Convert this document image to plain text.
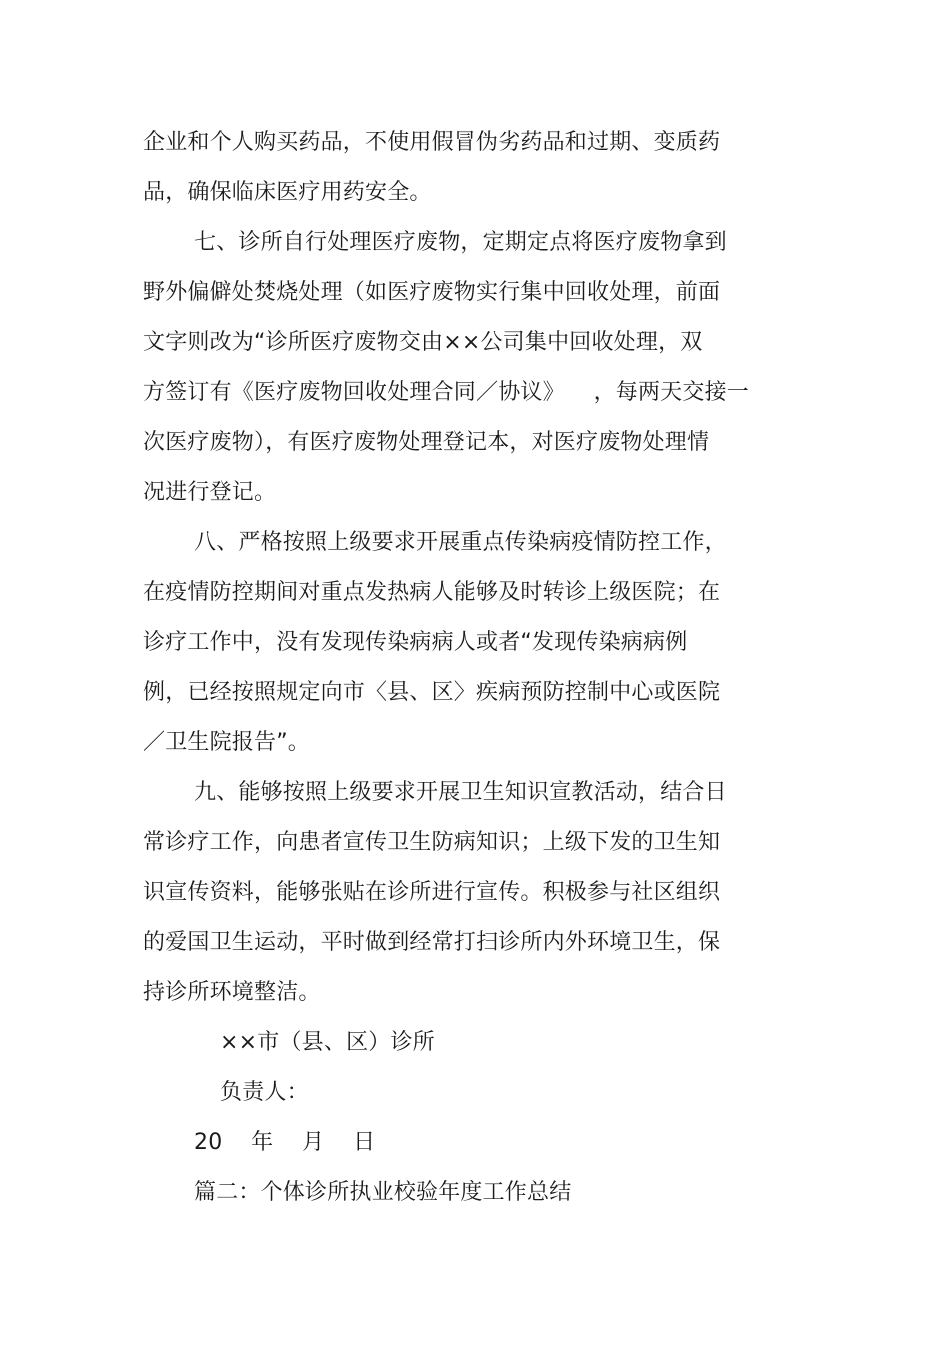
企业和个人购买药品，不使用假冒伪劣药品和过期、变质药
品，确保临床医疗用药安全。
七、诊所自行处理医疗废物，定期定点将医疗废物拿到
野外偏僻处焚烧处理（如医疗废物实行集中回收处理，前面
文字则改为“诊所医疗废物交由××公司集中回收处理，双
方签订有《医疗废物回收处理合同／协议》    ，每两天交接一
次医疗废物），有医疗废物处理登记本，对医疗废物处理情
况进行登记。
八、严格按照上级要求开展重点传染病疫情防控工作，
在疫情防控期间对重点发热病人能够及时转诊上级医院；在
诊疗工作中，没有发现传染病病人或者“发现传染病病例
例，已经按照规定向市〈县、区〉疾病预防控制中心或医院
／卫生院报告”。
九、能够按照上级要求开展卫生知识宣教活动，结合日
常诊疗工作，向患者宣传卫生防病知识；上级下发的卫生知
识宣传资料，能够张贴在诊所进行宣传。积极参与社区组织
的爱国卫生运动，平时做到经常打扫诊所内外环境卫生，保
持诊所环境整洁。
××市（县、区）诊所
负责人：
20    年    月    日
篇二：个体诊所执业校验年度工作总结
